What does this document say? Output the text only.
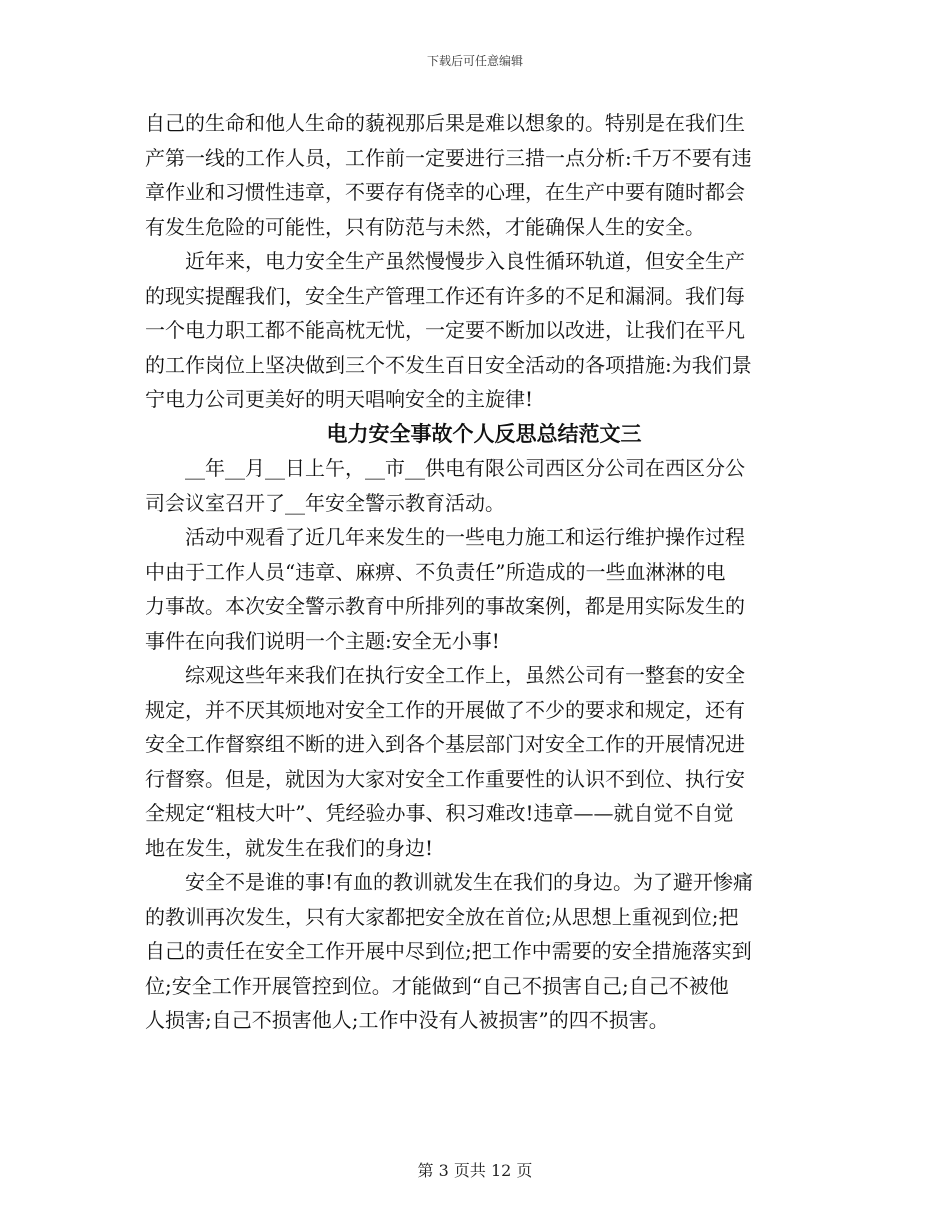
下载后可任意编辑
自己的生命和他人生命的藐视那后果是难以想象的。特别是在我们生
产第一线的工作人员，工作前一定要进行三措一点分析:千万不要有违
章作业和习惯性违章，不要存有侥幸的心理，在生产中要有随时都会
有发生危险的可能性，只有防范与未然，才能确保人生的安全。
　　近年来，电力安全生产虽然慢慢步入良性循环轨道，但安全生产
的现实提醒我们，安全生产管理工作还有许多的不足和漏洞。我们每
一个电力职工都不能高枕无忧，一定要不断加以改进，让我们在平凡
的工作岗位上坚决做到三个不发生百日安全活动的各项措施:为我们景
宁电力公司更美好的明天唱响安全的主旋律!
电力安全事故个人反思总结范文三
　　__年__月__日上午，__市__供电有限公司西区分公司在西区分公
司会议室召开了__年安全警示教育活动。
　　活动中观看了近几年来发生的一些电力施工和运行维护操作过程
中由于工作人员“违章、麻痹、不负责任”所造成的一些血淋淋的电
力事故。本次安全警示教育中所排列的事故案例，都是用实际发生的
事件在向我们说明一个主题:安全无小事!
　　综观这些年来我们在执行安全工作上，虽然公司有一整套的安全
规定，并不厌其烦地对安全工作的开展做了不少的要求和规定，还有
安全工作督察组不断的进入到各个基层部门对安全工作的开展情况进
行督察。但是，就因为大家对安全工作重要性的认识不到位、执行安
全规定“粗枝大叶”、凭经验办事、积习难改!违章——就自觉不自觉
地在发生，就发生在我们的身边!
　　安全不是谁的事!有血的教训就发生在我们的身边。为了避开惨痛
的教训再次发生，只有大家都把安全放在首位;从思想上重视到位;把
自己的责任在安全工作开展中尽到位;把工作中需要的安全措施落实到
位;安全工作开展管控到位。才能做到“自己不损害自己;自己不被他
人损害;自己不损害他人;工作中没有人被损害”的四不损害。
第 3 页共 12 页
